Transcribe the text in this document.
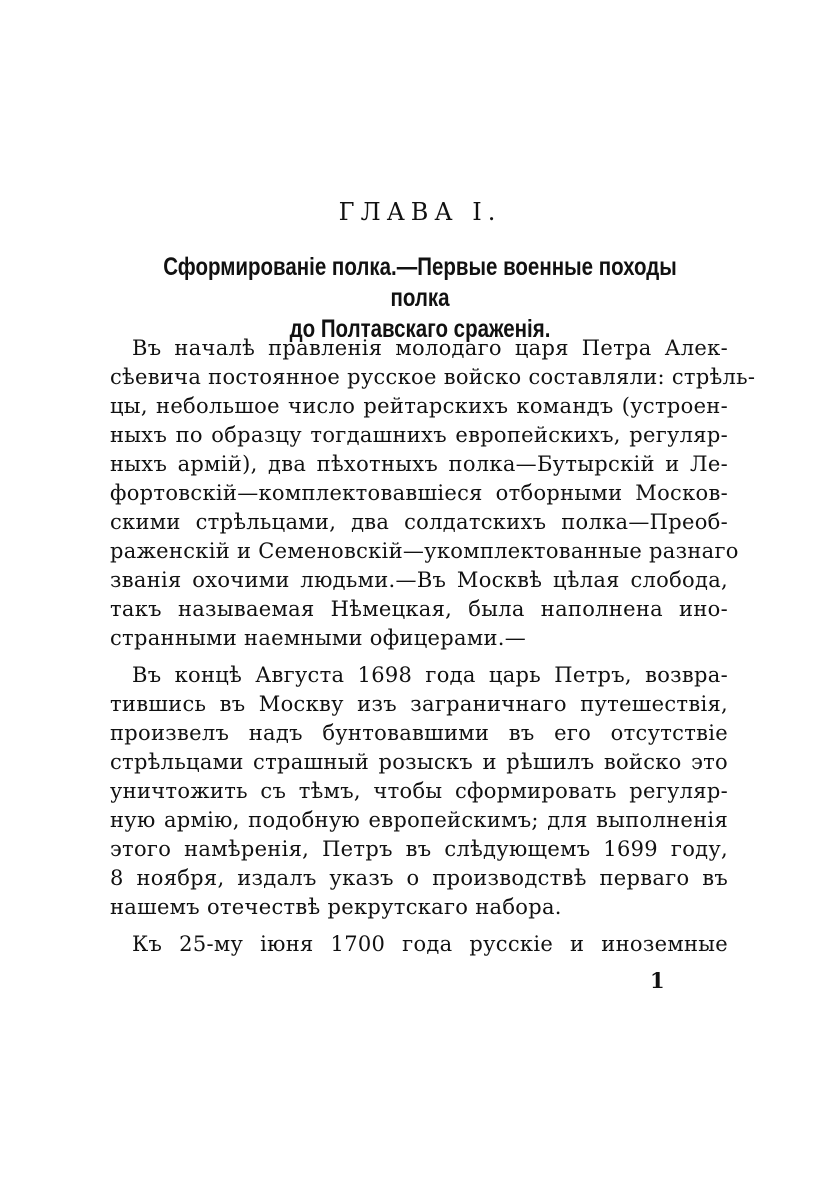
ГЛАВА I.
Сформированіе полка.—Первые военные походы полка
до Полтавскаго сраженія.
Въ началѣ правленія молодаго царя Петра Алек-
сѣевича постоянное русское войско составляли: стрѣль-
цы, небольшое число рейтарскихъ командъ (устроен-
ныхъ по образцу тогдашнихъ европейскихъ, регуляр-
ныхъ армій), два пѣхотныхъ полка—Бутырскій и Ле-
фортовскій—комплектовавшіеся отборными Москов-
скими стрѣльцами, два солдатскихъ полка—Преоб-
раженскій и Семеновскій—укомплектованные разнаго
званія охочими людьми.—Въ Москвѣ цѣлая слобода,
такъ называемая Нѣмецкая, была наполнена ино-
странными наемными офицерами.—
Въ концѣ Августа 1698 года царь Петръ, возвра-
тившись въ Москву изъ заграничнаго путешествія,
произвелъ надъ бунтовавшими въ его отсутствіе
стрѣльцами страшный розыскъ и рѣшилъ войско это
уничтожить съ тѣмъ, чтобы сформировать регуляр-
ную армію, подобную европейскимъ; для выполненія
этого намѣренія, Петръ въ слѣдующемъ 1699 году,
8 ноября, издалъ указъ о производствѣ перваго въ
нашемъ отечествѣ рекрутскаго набора.
Къ 25-му іюня 1700 года русскіе и иноземные
1
